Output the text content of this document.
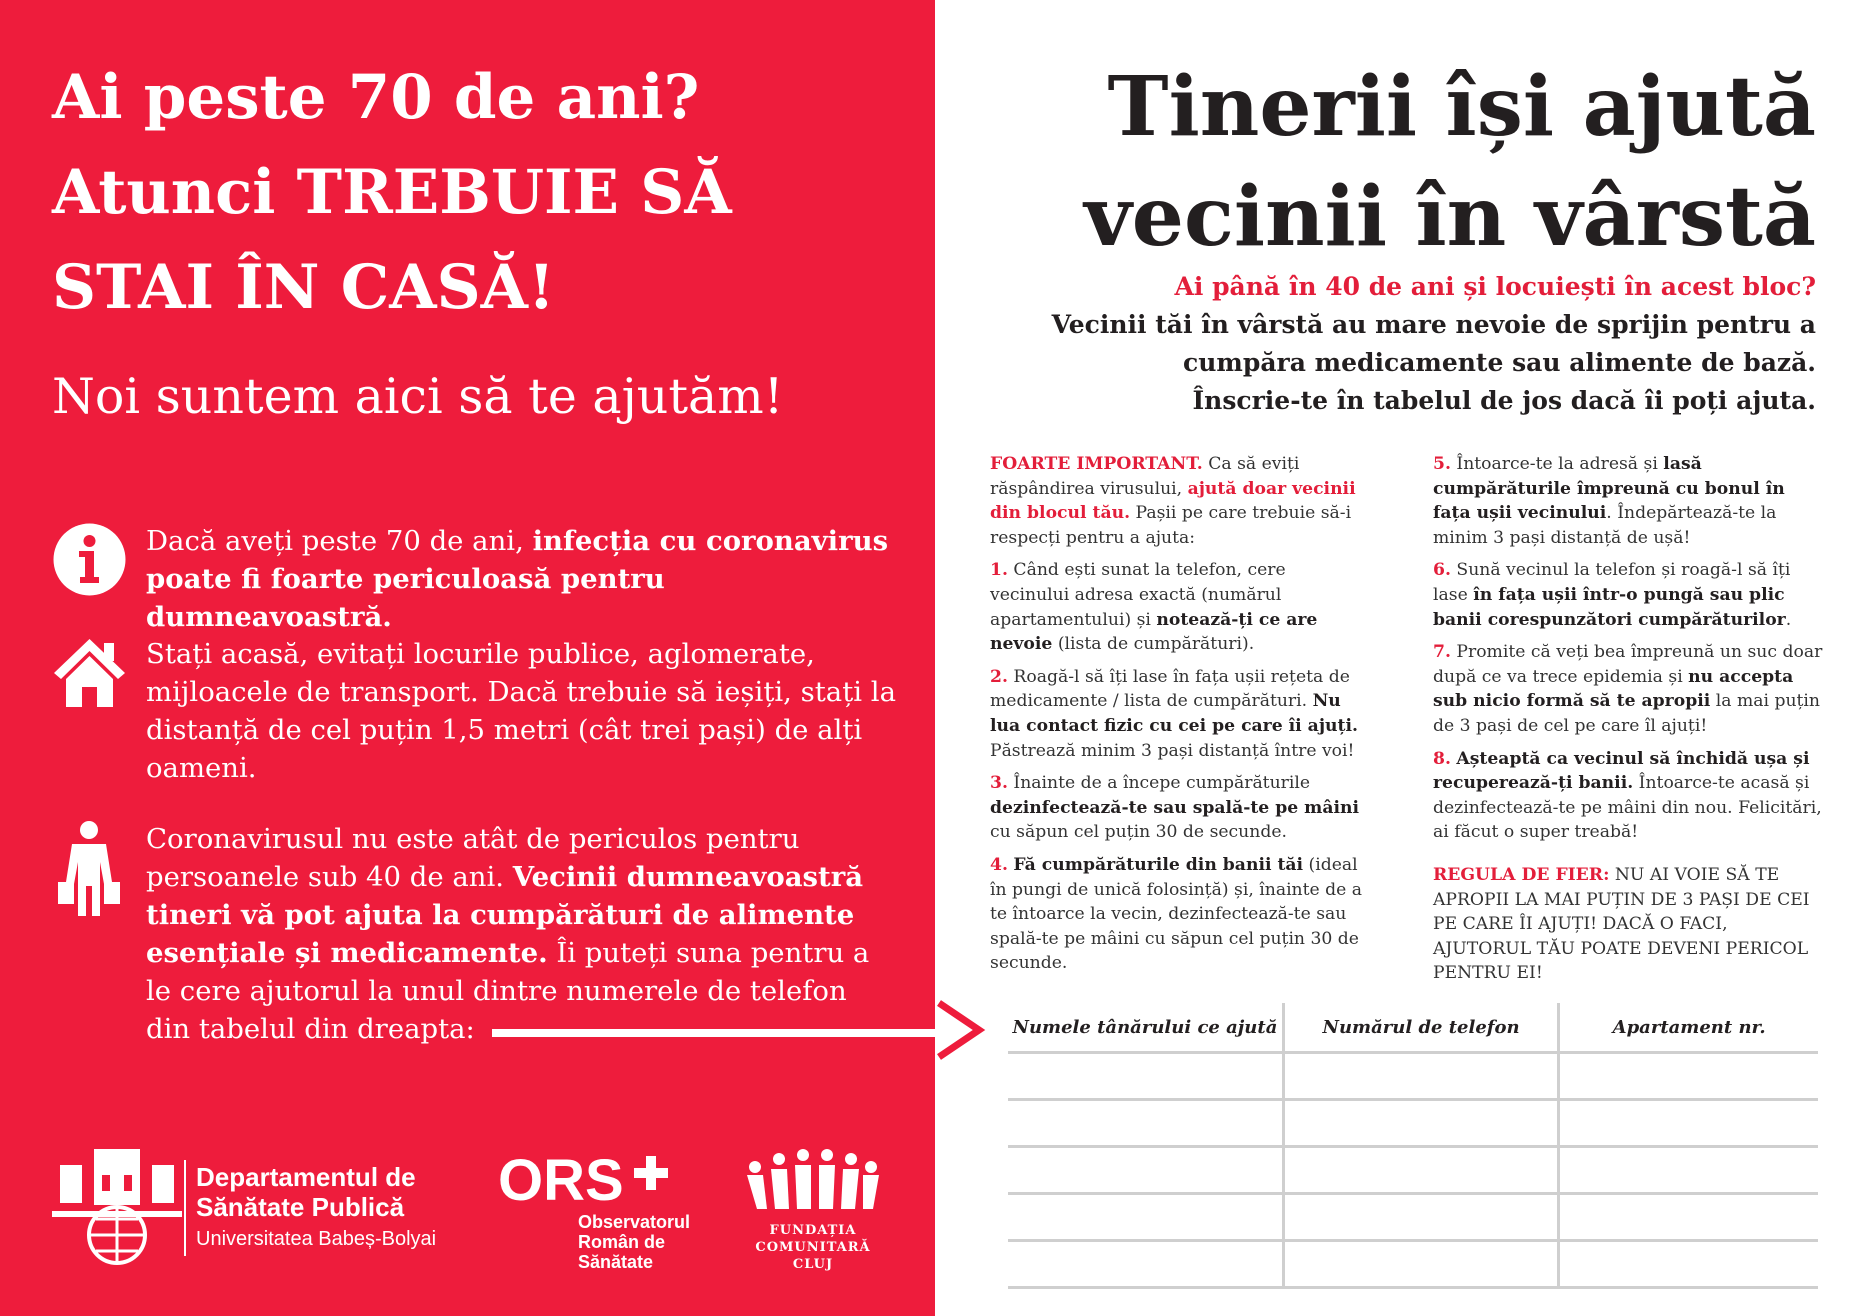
Ai peste 70 de ani?
Atunci TREBUIE SĂ
STAI ÎN CASĂ!
Noi suntem aici să te ajutăm!
Dacă aveți peste 70 de ani, infecția cu coronavirus poate fi foarte periculoasă pentru dumneavoastră.
Stați acasă, evitați locurile publice, aglomerate, mijloacele de transport. Dacă trebuie să ieșiți, stați la distanță de cel puțin 1,5 metri (cât trei pași) de alți oameni.
Coronavirusul nu este atât de periculos pentru persoanele sub 40 de ani. Vecinii dumneavoastră tineri vă pot ajuta la cumpărături de alimente esențiale și medicamente. Îi puteți suna pentru a le cere ajutorul la unul dintre numerele de telefon din tabelul din dreapta:
Departamentul de
Sănătate Publică
Universitatea Babeș-Bolyai
ORS
Observatorul
Român de
Sănătate
FUNDAȚIA
COMUNITARĂ
CLUJ
Tinerii își ajută
vecinii în vârstă
Ai până în 40 de ani și locuiești în acest bloc?
Vecinii tăi în vârstă au mare nevoie de sprijin pentru a
cumpăra medicamente sau alimente de bază.
Înscrie-te în tabelul de jos dacă îi poți ajuta.

FOARTE IMPORTANT. Ca să eviți răspândirea virusului, ajută doar vecinii din blocul tău. Pașii pe care trebuie să-i respecți pentru a ajuta:

1. Când ești sunat la telefon, cere vecinului adresa exactă (numărul apartamentului) și notează-ți ce are nevoie (lista de cumpărături).

2. Roagă-l să îți lase în fața ușii rețeta de medicamente / lista de cumpărături. Nu lua contact fizic cu cei pe care îi ajuți. Păstrează minim 3 pași distanță între voi!

3. Înainte de a începe cumpărăturile dezinfectează-te sau spală-te pe mâini cu săpun cel puțin 30 de secunde.

4. Fă cumpărăturile din banii tăi (ideal în pungi de unică folosință) și, înainte de a te întoarce la vecin, dezinfectează-te sau spală-te pe mâini cu săpun cel puțin 30 de secunde.

5. Întoarce-te la adresă și lasă cumpărăturile împreună cu bonul în fața ușii vecinului. Îndepărtează-te la minim 3 pași distanță de ușă!

6. Sună vecinul la telefon și roagă-l să îți lase în fața ușii într-o pungă sau plic banii corespunzători cumpărăturilor.

7. Promite că veți bea împreună un suc doar după ce va trece epidemia și nu accepta sub nicio formă să te apropii la mai puțin de 3 pași de cel pe care îl ajuți!

8. Așteaptă ca vecinul să închidă ușa și recuperează-ți banii. Întoarce-te acasă și dezinfectează-te pe mâini din nou. Felicitări, ai făcut o super treabă!

REGULA DE FIER: NU AI VOIE SĂ TE APROPII LA MAI PUȚIN DE 3 PAȘI DE CEI PE CARE ÎI AJUȚI! DACĂ O FACI, AJUTORUL TĂU POATE DEVENI PERICOL PENTRU EI!

Numele tânărului ce ajută	Numărul de telefon	Apartament nr.
